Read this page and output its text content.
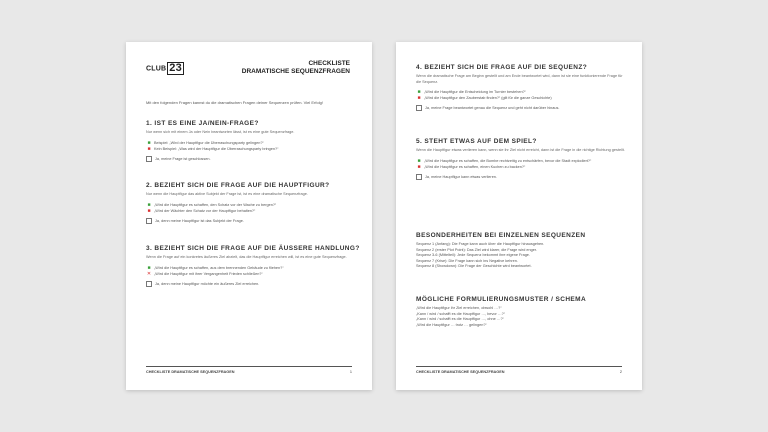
CLUB 23	CHECKLISTE
DRAMATISCHE SEQUENZFRAGEN
Mit den folgenden Fragen kannst du die dramatischen Fragen deiner Sequenzen prüfen. Viel Erfolg!
1. IST ES EINE JA/NEIN-FRAGE?
Nur wenn sich mit einem Ja oder Nein beantworten lässt, ist es eine gute Sequenzfrage.
■ Beispiel: „Wird der Hauptfigur die Überraschungsparty gelingen?“
■ Kein Beispiel: „Was wird der Hauptfigur die Überraschungsparty bringen?“
Ja, meine Frage ist geschlossen.
2. BEZIEHT SICH DIE FRAGE AUF DIE HAUPTFIGUR?
Nur wenn die Hauptfigur das aktive Subjekt der Frage ist, ist es eine dramatische Sequenzfrage.
■ „Wird die Hauptfigur es schaffen, den Schatz vor der Wache zu bergen?“
■ „Wird der Wächter den Schatz vor der Hauptfigur behalten?“
Ja, denn meine Hauptfigur ist das Subjekt der Frage.
3. BEZIEHT SICH DIE FRAGE AUF DIE ÄUSSERE HANDLUNG?
Wenn die Frage auf ein konkretes äußeres Ziel abzielt, das die Hauptfigur erreichen will, ist es eine gute Sequenzfrage.
■ „Wird die Hauptfigur es schaffen, aus dem brennenden Gebäude zu fliehen?“
✕ „Wird die Hauptfigur mit ihrer Vergangenheit Frieden schließen?“
Ja, denn meine Hauptfigur möchte ein äußeres Ziel erreichen.
CHECKLISTE DRAMATISCHE SEQUENZFRAGEN	1
4. BEZIEHT SICH DIE FRAGE AUF DIE SEQUENZ?
Wenn die dramatische Frage am Beginn gestellt und am Ende beantwortet wird, dann ist sie eine funktionierende Frage für die Sequenz.
■ „Wird die Hauptfigur die Entscheidung im Turnier bestehen?“
■ „Wird die Hauptfigur den Zauberstab finden?“ (gilt für die ganze Geschichte)
Ja, meine Frage beantwortet genau die Sequenz und geht nicht darüber hinaus.
5. STEHT ETWAS AUF DEM SPIEL?
Wenn die Hauptfigur etwas verlieren kann, wenn sie ihr Ziel nicht erreicht, dann ist die Frage in die richtige Richtung gestellt.
■ „Wird die Hauptfigur es schaffen, die Bombe rechtzeitig zu entschärfen, bevor die Stadt explodiert?“
■ „Wird die Hauptfigur es schaffen, einen Kuchen zu backen?“
Ja, meine Hauptfigur kann etwas verlieren.
BESONDERHEITEN BEI EINZELNEN SEQUENZEN
Sequenz 1 (Anfang): Die Frage kann auch über die Hauptfigur hinausgehen.
Sequenz 2 (erster Plot Point): Das Ziel wird klarer, die Frage wird enger.
Sequenz 3-6 (Mittelteil): Jede Sequenz bekommt ihre eigene Frage.
Sequenz 7 (Krise): Die Frage kann sich ins Negative kehren.
Sequenz 8 (Showdown): Die Frage der Geschichte wird beantwortet.
MÖGLICHE FORMULIERUNGSMUSTER / SCHEMA
„Wird die Hauptfigur ihr Ziel erreichen, obwohl …?“
„Kann / wird / schafft es die Hauptfigur …, bevor …?“
„Kann / wird / schafft es die Hauptfigur …, ohne …?“
„Wird die Hauptfigur … trotz … gelingen?“
CHECKLISTE DRAMATISCHE SEQUENZFRAGEN	2
